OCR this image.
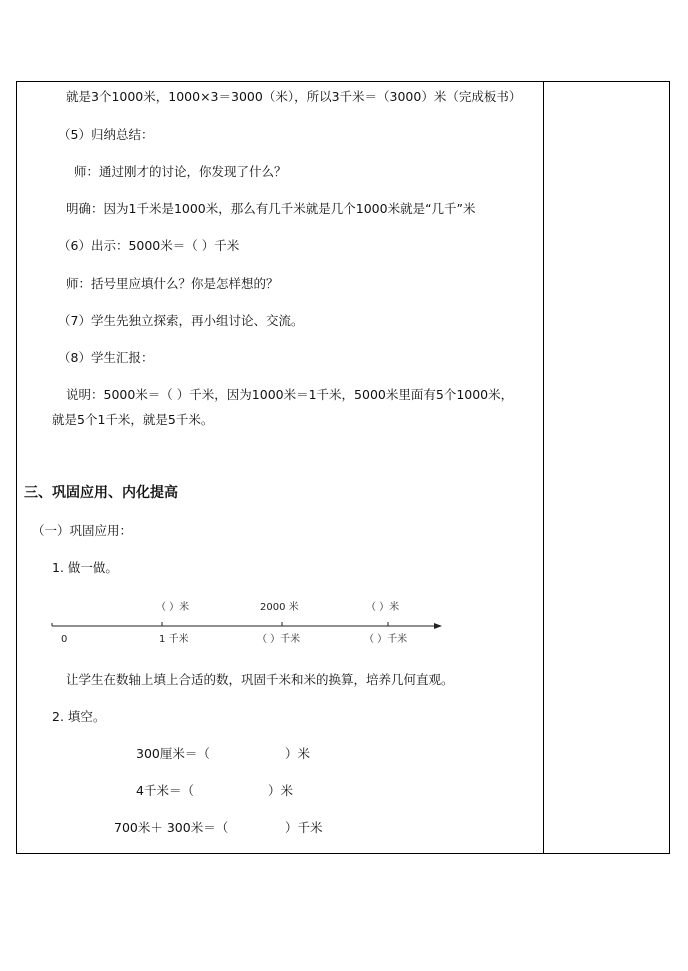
就是3个1000米，1000×3＝3000（米），所以3千米＝（3000）米（完成板书）
（5）归纳总结：
师：通过刚才的讨论，你发现了什么？
明确：因为1千米是1000米，那么有几千米就是几个1000米就是“几千”米
（6）出示：5000米＝（ ）千米
师：括号里应填什么？你是怎样想的？
（7）学生先独立探索，再小组讨论、交流。
（8）学生汇报：
说明：5000米＝（ ）千米，因为1000米＝1千米，5000米里面有5个1000米，
就是5个1千米，就是5千米。
三、巩固应用、内化提高
（一）巩固应用：
1. 做一做。
（ ）米	2000 米	（ ）米
0	1 千米	（ ）千米	（ ）千米
让学生在数轴上填上合适的数，巩固千米和米的换算，培养几何直观。
2. 填空。
300厘米＝（	）米
4千米＝（	）米
700米＋ 300米＝（	）千米
